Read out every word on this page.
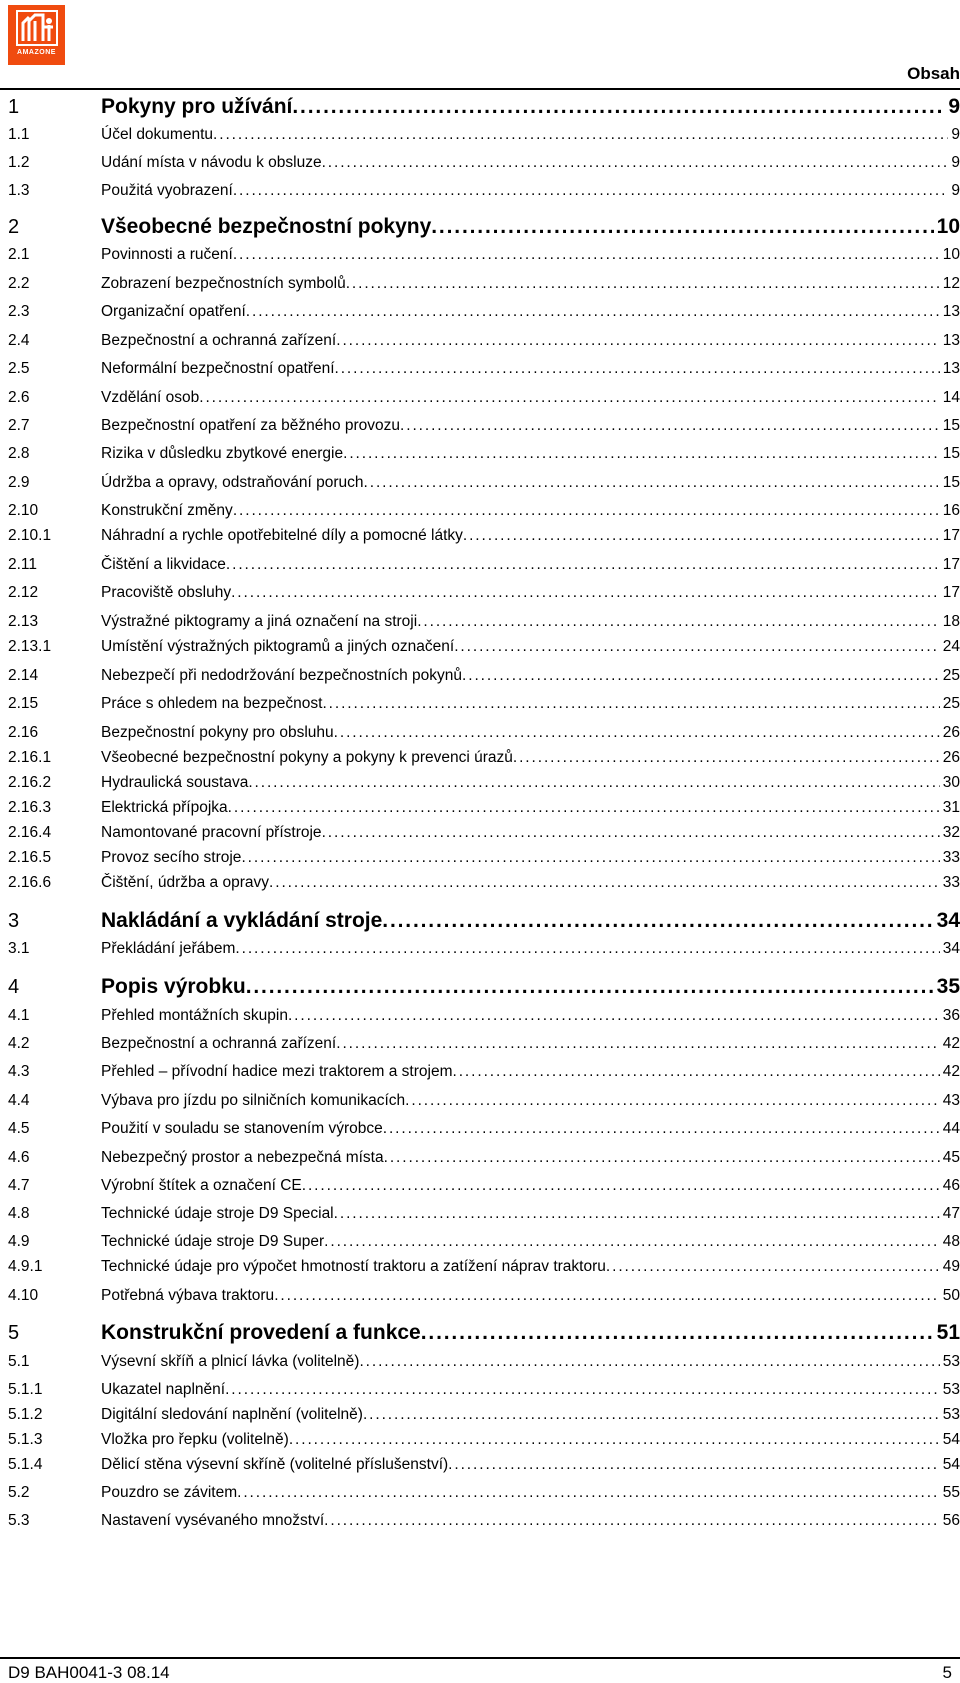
AMAZONE
Obsah
1	Pokyny pro užívání . . .	9
1.1	Účel dokumentu . . .	9
1.2	Udání místa v návodu k obsluze . . .	9
1.3	Použitá vyobrazení . . .	9
2	Všeobecné bezpečnostní pokyny . . .	10
2.1	Povinnosti a ručení . . .	10
2.2	Zobrazení bezpečnostních symbolů . . .	12
2.3	Organizační opatření . . .	13
2.4	Bezpečnostní a ochranná zařízení . . .	13
2.5	Neformální bezpečnostní opatření . . .	13
2.6	Vzdělání osob . . .	14
2.7	Bezpečnostní opatření za běžného provozu . . .	15
2.8	Rizika v důsledku zbytkové energie . . .	15
2.9	Údržba a opravy, odstraňování poruch . . .	15
2.10	Konstrukční změny . . .	16
2.10.1	Náhradní a rychle opotřebitelné díly a pomocné látky . . .	17
2.11	Čištění a likvidace . . .	17
2.12	Pracoviště obsluhy . . .	17
2.13	Výstražné piktogramy a jiná označení na stroji . . .	18
2.13.1	Umístění výstražných piktogramů a jiných označení . . .	24
2.14	Nebezpečí při nedodržování bezpečnostních pokynů . . .	25
2.15	Práce s ohledem na bezpečnost . . .	25
2.16	Bezpečnostní pokyny pro obsluhu . . .	26
2.16.1	Všeobecné bezpečnostní pokyny a pokyny k prevenci úrazů . . .	26
2.16.2	Hydraulická soustava . . .	30
2.16.3	Elektrická přípojka . . .	31
2.16.4	Namontované pracovní přístroje . . .	32
2.16.5	Provoz secího stroje . . .	33
2.16.6	Čištění, údržba a opravy . . .	33
3	Nakládání a vykládání stroje . . .	34
3.1	Překládání jeřábem . . .	34
4	Popis výrobku . . .	35
4.1	Přehled montážních skupin . . .	36
4.2	Bezpečnostní a ochranná zařízení . . .	42
4.3	Přehled – přívodní hadice mezi traktorem a strojem . . .	42
4.4	Výbava pro jízdu po silničních komunikacích . . .	43
4.5	Použití v souladu se stanovením výrobce . . .	44
4.6	Nebezpečný prostor a nebezpečná místa . . .	45
4.7	Výrobní štítek a označení CE . . .	46
4.8	Technické údaje stroje D9 Special . . .	47
4.9	Technické údaje stroje D9 Super . . .	48
4.9.1	Technické údaje pro výpočet hmotností traktoru a zatížení náprav traktoru . . .	49
4.10	Potřebná výbava traktoru . . .	50
5	Konstrukční provedení a funkce . . .	51
5.1	Výsevní skříň a plnicí lávka (volitelně) . . .	53
5.1.1	Ukazatel naplnění . . .	53
5.1.2	Digitální sledování naplnění (volitelně) . . .	53
5.1.3	Vložka pro řepku (volitelně) . . .	54
5.1.4	Dělicí stěna výsevní skříně (volitelné příslušenství) . . .	54
5.2	Pouzdro se závitem . . .	55
5.3	Nastavení vysévaného množství . . .	56
D9 BAH0041-3 08.14	5
